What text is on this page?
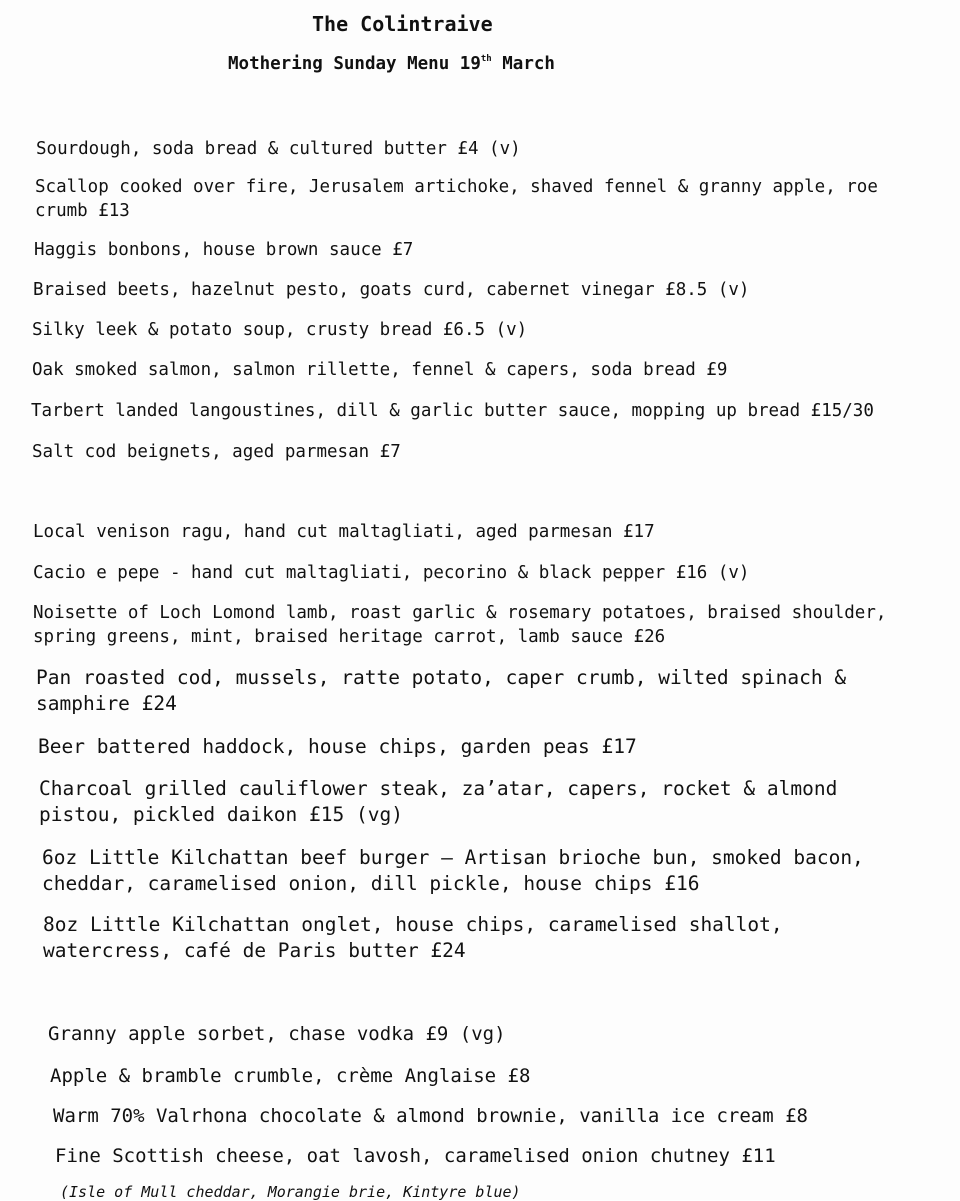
The Colintraive
Mothering Sunday Menu 19th March

Sourdough, soda bread & cultured butter £4 (v)

Scallop cooked over fire, Jerusalem artichoke, shaved fennel & granny apple, roe
crumb £13

Haggis bonbons, house brown sauce £7

Braised beets, hazelnut pesto, goats curd, cabernet vinegar £8.5 (v)

Silky leek & potato soup, crusty bread £6.5 (v)

Oak smoked salmon, salmon rillette, fennel & capers, soda bread £9

Tarbert landed langoustines, dill & garlic butter sauce, mopping up bread £15/30

Salt cod beignets, aged parmesan £7

Local venison ragu, hand cut maltagliati, aged parmesan £17

Cacio e pepe - hand cut maltagliati, pecorino & black pepper £16 (v)

Noisette of Loch Lomond lamb, roast garlic & rosemary potatoes, braised shoulder,
spring greens, mint, braised heritage carrot, lamb sauce £26

Pan roasted cod, mussels, ratte potato, caper crumb, wilted spinach &
samphire £24

Beer battered haddock, house chips, garden peas £17

Charcoal grilled cauliflower steak, za’atar, capers, rocket & almond
pistou, pickled daikon £15 (vg)

6oz Little Kilchattan beef burger – Artisan brioche bun, smoked bacon,
cheddar, caramelised onion, dill pickle, house chips £16

8oz Little Kilchattan onglet, house chips, caramelised shallot,
watercress, café de Paris butter £24

Granny apple sorbet, chase vodka £9 (vg)

Apple & bramble crumble, crème Anglaise £8

Warm 70% Valrhona chocolate & almond brownie, vanilla ice cream £8

Fine Scottish cheese, oat lavosh, caramelised onion chutney £11

(Isle of Mull cheddar, Morangie brie, Kintyre blue)
